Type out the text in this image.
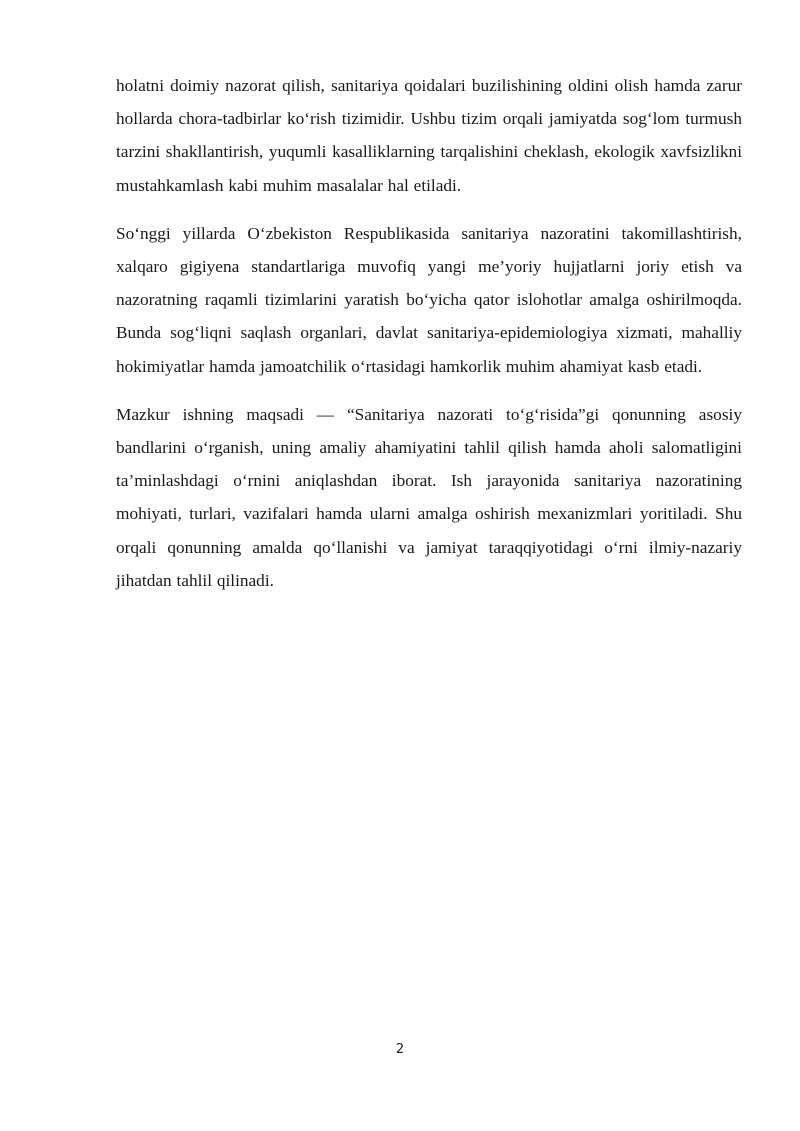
holatni doimiy nazorat qilish, sanitariya qoidalari buzilishining oldini olish hamda zarur hollarda chora-tadbirlar ko‘rish tizimidir. Ushbu tizim orqali jamiyatda sog‘lom turmush tarzini shakllantirish, yuqumli kasalliklarning tarqalishini cheklash, ekologik xavfsizlikni mustahkamlash kabi muhim masalalar hal etiladi.

So‘nggi yillarda O‘zbekiston Respublikasida sanitariya nazoratini takomillashtirish, xalqaro gigiyena standartlariga muvofiq yangi me’yoriy hujjatlarni joriy etish va nazoratning raqamli tizimlarini yaratish bo‘yicha qator islohotlar amalga oshirilmoqda. Bunda sog‘liqni saqlash organlari, davlat sanitariya-epidemiologiya xizmati, mahalliy hokimiyatlar hamda jamoatchilik o‘rtasidagi hamkorlik muhim ahamiyat kasb etadi.

Mazkur ishning maqsadi — “Sanitariya nazorati to‘g‘risida”gi qonunning asosiy bandlarini o‘rganish, uning amaliy ahamiyatini tahlil qilish hamda aholi salomatligini ta’minlashdagi o‘rnini aniqlashdan iborat. Ish jarayonida sanitariya nazoratining mohiyati, turlari, vazifalari hamda ularni amalga oshirish mexanizmlari yoritiladi. Shu orqali qonunning amalda qo‘llanishi va jamiyat taraqqiyotidagi o‘rni ilmiy-nazariy jihatdan tahlil qilinadi.

2
